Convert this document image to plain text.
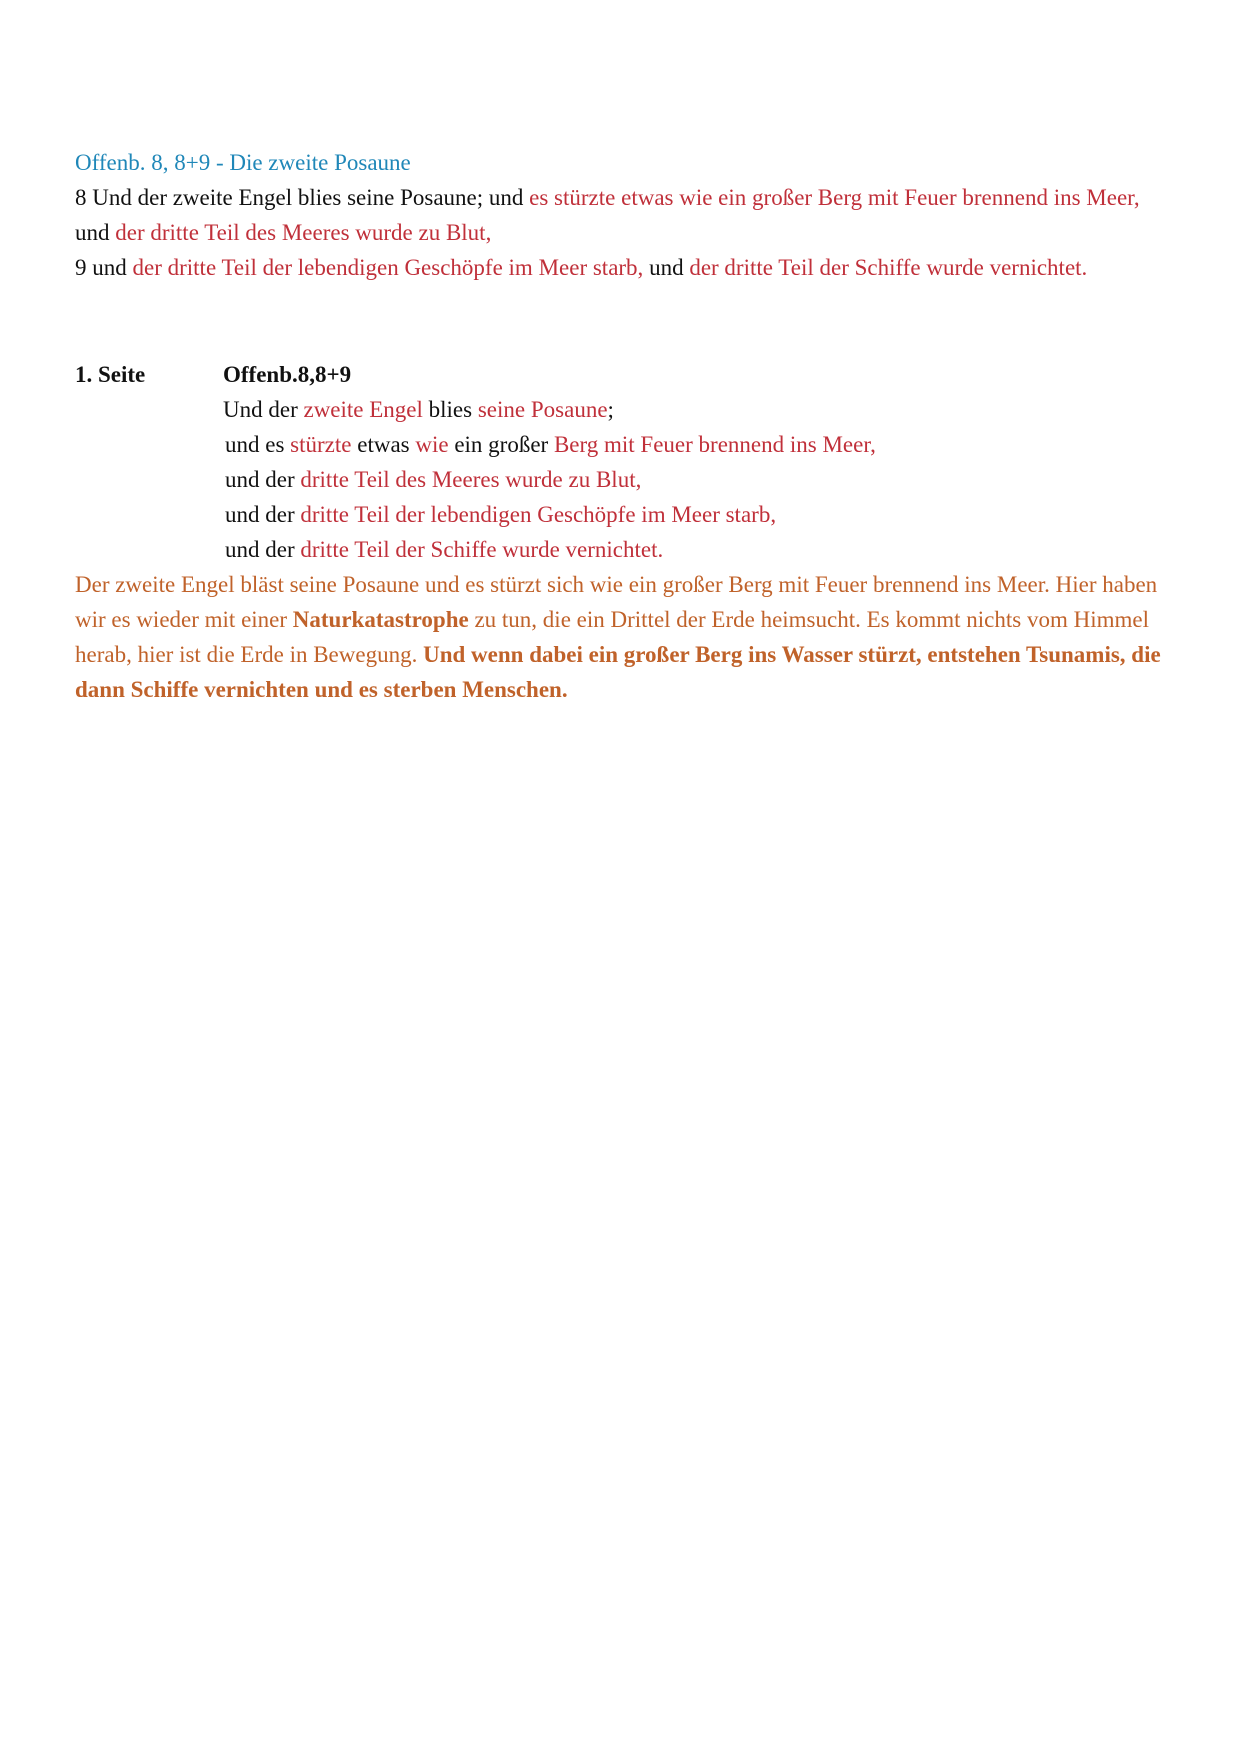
Offenb. 8, 8+9 - Die zweite Posaune

8 Und der zweite Engel blies seine Posaune; und es stürzte etwas wie ein großer Berg mit Feuer brennend ins Meer, und der dritte Teil des Meeres wurde zu Blut,

9 und der dritte Teil der lebendigen Geschöpfe im Meer starb, und der dritte Teil der Schiffe wurde vernichtet.

1. Seite	Offenb.8,8+9

Und der zweite Engel blies seine Posaune;

und es stürzte etwas wie ein großer Berg mit Feuer brennend ins Meer,

und der dritte Teil des Meeres wurde zu Blut,

und der dritte Teil der lebendigen Geschöpfe im Meer starb,

und der dritte Teil der Schiffe wurde vernichtet.

Der zweite Engel bläst seine Posaune und es stürzt sich wie ein großer Berg mit Feuer brennend ins Meer. Hier haben wir es wieder mit einer Naturkatastrophe zu tun, die ein Drittel der Erde heimsucht. Es kommt nichts vom Himmel herab, hier ist die Erde in Bewegung. Und wenn dabei ein großer Berg ins Wasser stürzt, entstehen Tsunamis, die dann Schiffe vernichten und es sterben Menschen.
